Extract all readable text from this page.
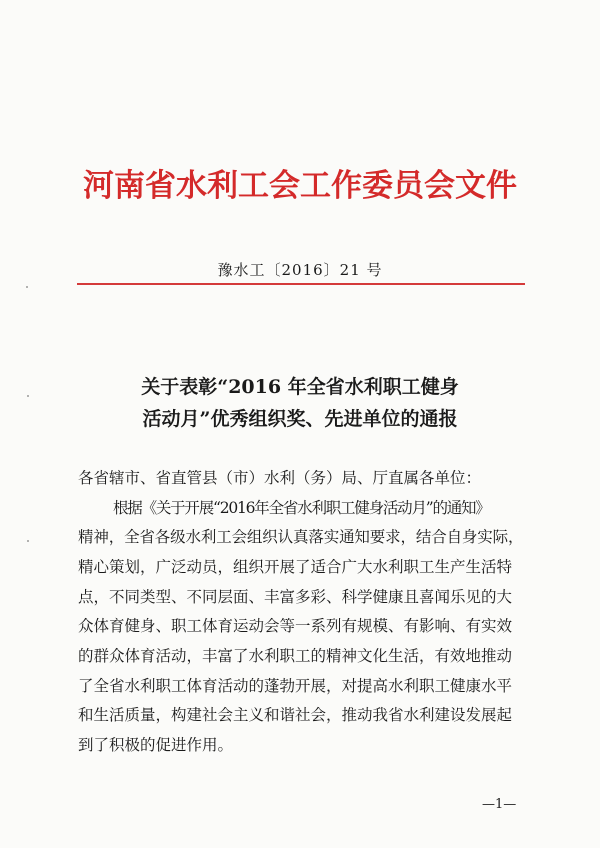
河南省水利工会工作委员会文件
豫水工〔2016〕21 号
关于表彰“2016 年全省水利职工健身
活动月”优秀组织奖、先进单位的通报
各省辖市、省直管县（市）水利（务）局、厅直属各单位：
根据《关于开展“2016年全省水利职工健身活动月”的通知》
精神，全省各级水利工会组织认真落实通知要求，结合自身实际，
精心策划，广泛动员，组织开展了适合广大水利职工生产生活特
点，不同类型、不同层面、丰富多彩、科学健康且喜闻乐见的大
众体育健身、职工体育运动会等一系列有规模、有影响、有实效
的群众体育活动，丰富了水利职工的精神文化生活，有效地推动
了全省水利职工体育活动的蓬勃开展，对提高水利职工健康水平
和生活质量，构建社会主义和谐社会，推动我省水利建设发展起
到了积极的促进作用。
—1—
